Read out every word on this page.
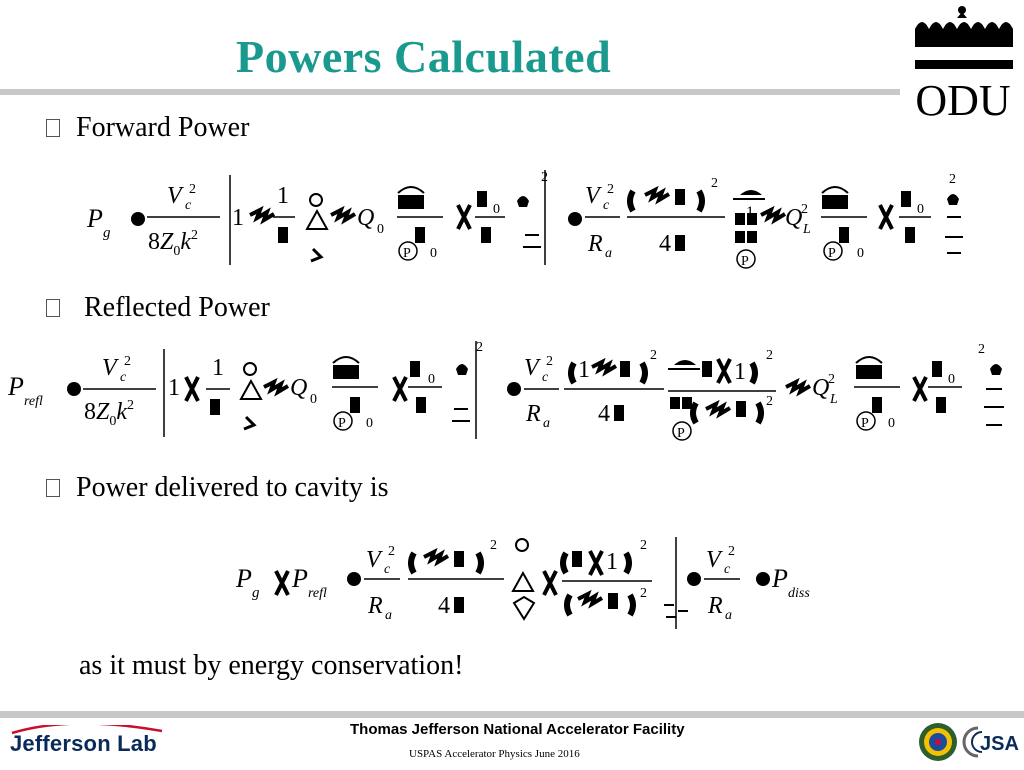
Powers Calculated
ODU
Forward Power
P g
V c
2
$8Z_0k^2$
1
1
Q 0
P 0
0
2
V c
2
R a
2
4
1 Q L
2
P
P 0
0
2
Reflected Power
P
refl
V c
2
$8Z_0k^2$
1
1
Q 0
P 0
0
2
V c
2
R a
1
2
4
1
2
2
P
Q L
2
P 0
0
2
Power delivered to cavity is
P g P
refl
V c
2
R a
2
4
1
2
2
V c
2
R a
P
diss
as it must by energy conservation!
Jefferson Lab
Thomas Jefferson National Accelerator Facility
USPAS Accelerator Physics June 2016	JSA
